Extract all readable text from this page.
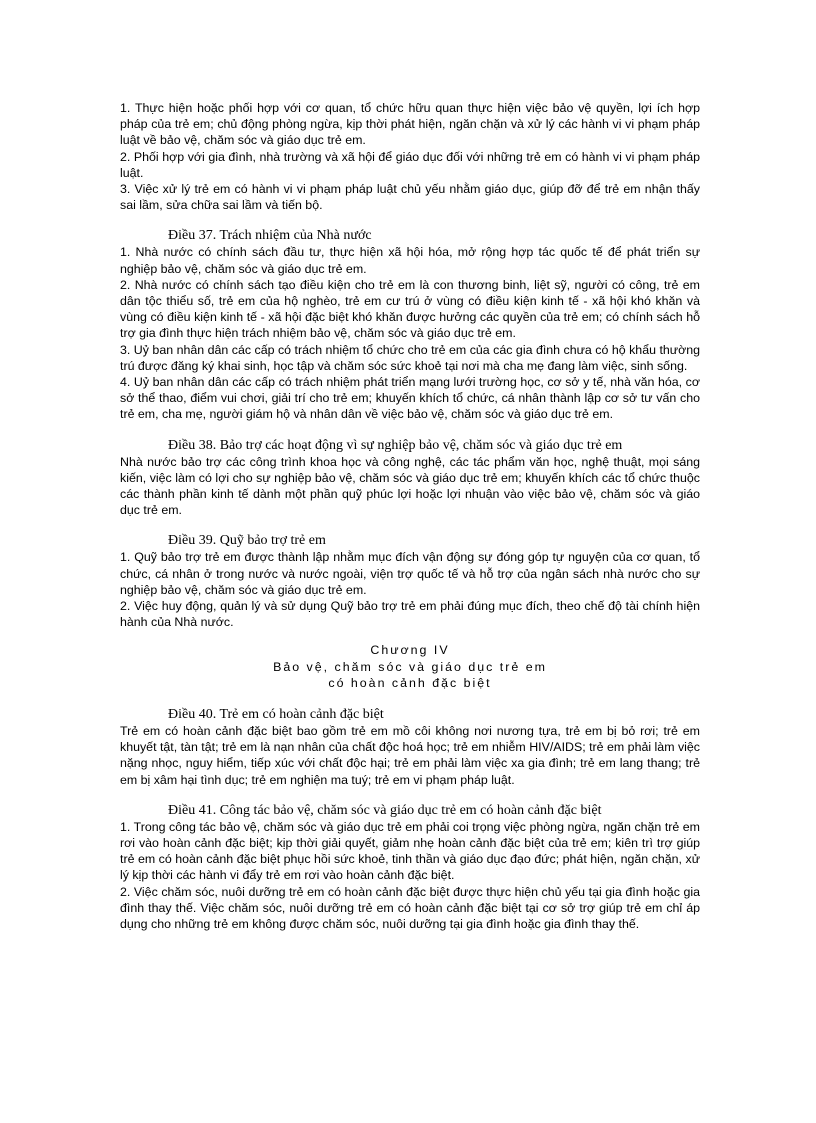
1. Thực hiện hoặc phối hợp với cơ quan, tổ chức hữu quan thực hiện việc bảo vệ quyền, lợi ích hợp pháp của trẻ em; chủ động phòng ngừa, kịp thời phát hiện, ngăn chặn và xử lý các hành vi vi phạm pháp luật về bảo vệ, chăm sóc và giáo dục trẻ em.

2. Phối hợp với gia đình, nhà trường và xã hội để giáo dục đối với những trẻ em có hành vi vi phạm pháp luật.

3. Việc xử lý trẻ em có hành vi vi phạm pháp luật chủ yếu nhằm giáo dục, giúp đỡ để trẻ em nhận thấy sai lầm, sửa chữa sai lầm và tiến bộ.

Điều 37. Trách nhiệm của Nhà nước

1. Nhà nước có chính sách đầu tư, thực hiện xã hội hóa, mở rộng hợp tác quốc tế để phát triển sự nghiệp bảo vệ, chăm sóc và giáo dục trẻ em.

2. Nhà nước có chính sách tạo điều kiện cho trẻ em là con thương binh, liệt sỹ, người có công, trẻ em dân tộc thiểu số, trẻ em của hộ nghèo, trẻ em cư trú ở vùng có điều kiện kinh tế - xã hội khó khăn và vùng có điều kiện kinh tế - xã hội đặc biệt khó khăn được hưởng các quyền của trẻ em; có chính sách hỗ trợ gia đình thực hiện trách nhiệm bảo vệ, chăm sóc và giáo dục trẻ em.

3. Uỷ ban nhân dân các cấp có trách nhiệm tổ chức cho trẻ em của các gia đình chưa có hộ khẩu thường trú được đăng ký khai sinh, học tập và chăm sóc sức khoẻ tại nơi mà cha mẹ đang làm việc, sinh sống.

4. Uỷ ban nhân dân các cấp có trách nhiệm phát triển mạng lưới trường học, cơ sở y tế, nhà văn hóa, cơ sở thể thao, điểm vui chơi, giải trí cho trẻ em; khuyến khích tổ chức, cá nhân thành lập cơ sở tư vấn cho trẻ em, cha mẹ, người giám hộ và nhân dân về việc bảo vệ, chăm sóc và giáo dục trẻ em.

Điều 38. Bảo trợ các hoạt động vì sự nghiệp bảo vệ, chăm sóc và giáo dục trẻ em

Nhà nước bảo trợ các công trình khoa học và công nghệ, các tác phẩm văn học, nghệ thuật, mọi sáng kiến, việc làm có lợi cho sự nghiệp bảo vệ, chăm sóc và giáo dục trẻ em; khuyến khích các tổ chức thuộc các thành phần kinh tế dành một phần quỹ phúc lợi hoặc lợi nhuận vào việc bảo vệ, chăm sóc và giáo dục trẻ em.

Điều 39. Quỹ bảo trợ trẻ em

1. Quỹ bảo trợ trẻ em được thành lập nhằm mục đích vận động sự đóng góp tự nguyện của cơ quan, tổ chức, cá nhân ở trong nước và nước ngoài, viện trợ quốc tế và hỗ trợ của ngân sách nhà nước cho sự nghiệp bảo vệ, chăm sóc và giáo dục trẻ em.

2. Việc huy động, quản lý và sử dụng Quỹ bảo trợ trẻ em phải đúng mục đích, theo chế độ tài chính hiện hành của Nhà nước.

Chương IV
Bảo vệ, chăm sóc và giáo dục trẻ em
có hoàn cảnh đặc biệt

Điều 40. Trẻ em có hoàn cảnh đặc biệt

Trẻ em có hoàn cảnh đặc biệt bao gồm trẻ em mồ côi không nơi nương tựa, trẻ em bị bỏ rơi; trẻ em khuyết tật, tàn tật; trẻ em là nạn nhân của chất độc hoá học; trẻ em nhiễm HIV/AIDS; trẻ em phải làm việc nặng nhọc, nguy hiểm, tiếp xúc với chất độc hại; trẻ em phải làm việc xa gia đình; trẻ em lang thang; trẻ em bị xâm hại tình dục; trẻ em nghiện ma tuý; trẻ em vi phạm pháp luật.

Điều 41. Công tác bảo vệ, chăm sóc và giáo dục trẻ em có hoàn cảnh đặc biệt

1. Trong công tác bảo vệ, chăm sóc và giáo dục trẻ em phải coi trọng việc phòng ngừa, ngăn chặn trẻ em rơi vào hoàn cảnh đặc biệt; kịp thời giải quyết, giảm nhẹ hoàn cảnh đặc biệt của trẻ em; kiên trì trợ giúp trẻ em có hoàn cảnh đặc biệt phục hồi sức khoẻ, tinh thần và giáo dục đạo đức; phát hiện, ngăn chặn, xử lý kịp thời các hành vi đẩy trẻ em rơi vào hoàn cảnh đặc biệt.

2. Việc chăm sóc, nuôi dưỡng trẻ em có hoàn cảnh đặc biệt được thực hiện chủ yếu tại gia đình hoặc gia đình thay thế. Việc chăm sóc, nuôi dưỡng trẻ em có hoàn cảnh đặc biệt tại cơ sở trợ giúp trẻ em chỉ áp dụng cho những trẻ em không được chăm sóc, nuôi dưỡng tại gia đình hoặc gia đình thay thế.
